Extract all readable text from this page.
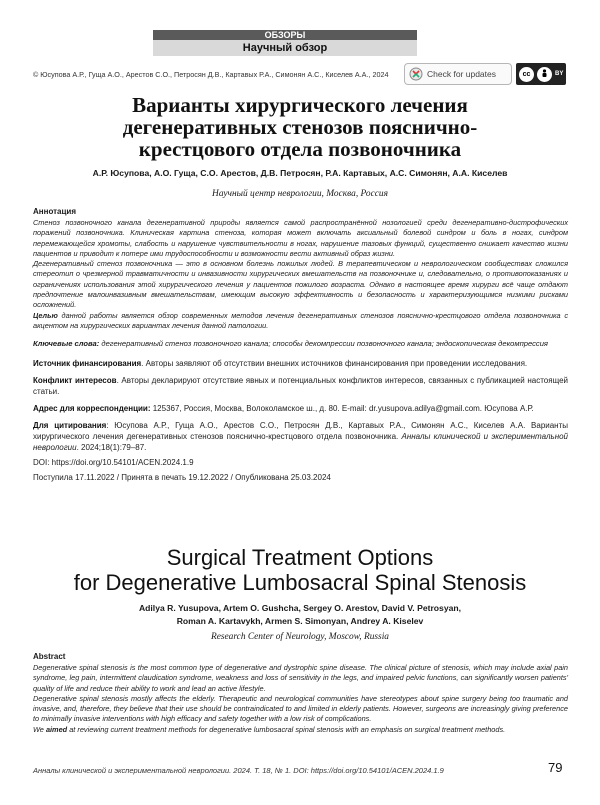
ОБЗОРЫ
Научный обзор
© Юсупова А.Р., Гуща А.О., Арестов С.О., Петросян Д.В., Картавых Р.А., Симонян А.С., Киселев А.А., 2024	Check for updates	cc	BY
Варианты хирургического лечения
дегенеративных стенозов пояснично-
крестцового отдела позвоночника
А.Р. Юсупова, А.О. Гуща, С.О. Арестов, Д.В. Петросян, Р.А. Картавых, А.С. Симонян, А.А. Киселев
Научный центр неврологии, Москва, Россия
Аннотация
Стеноз позвоночного канала дегенеративной природы является самой распространённой нозологией среди дегенеративно-дистрофических поражений позвоночника. Клиническая картина стеноза, которая может включать аксиальный болевой синдром и боль в ногах, синдром перемежающейся хромоты, слабость и нарушение чувствительности в ногах, нарушение тазовых функций, существенно снижает качество жизни пациентов и приводит к потере ими трудоспособности и возможности вести активный образ жизни.
Дегенеративный стеноз позвоночника — это в основном болезнь пожилых людей. В терапевтическом и неврологическом сообществах сложился стереотип о чрезмерной травматичности и инвазивности хирургических вмешательств на позвоночнике и, следовательно, о противопоказаниях и ограничениях использования этой хирургического лечения у пациентов пожилого возраста. Однако в настоящее время хирурги всё чаще отдают предпочтение малоинвазивным вмешательствам, имеющим высокую эффективность и безопасность и характеризующимся низкими рисками осложнений.
Целью данной работы является обзор современных методов лечения дегенеративных стенозов пояснично-крестцового отдела позвоночника с акцентом на хирургических вариантах лечения данной патологии.
Ключевые слова: дегенеративный стеноз позвоночного канала; способы декомпрессии позвоночного канала; эндоскопическая декомпрессия
Источник финансирования. Авторы заявляют об отсутствии внешних источников финансирования при проведении исследования.
Конфликт интересов. Авторы декларируют отсутствие явных и потенциальных конфликтов интересов, связанных с публикацией настоящей статьи.
Адрес для корреспонденции: 125367, Россия, Москва, Волоколамское ш., д. 80. E-mail: dr.yusupova.adilya@gmail.com. Юсупова А.Р.
Для цитирования: Юсупова А.Р., Гуща А.О., Арестов С.О., Петросян Д.В., Картавых Р.А., Симонян А.С., Киселев А.А. Варианты хирургического лечения дегенеративных стенозов пояснично-крестцового отдела позвоночника. Анналы клинической и экспериментальной неврологии. 2024;18(1):79–87.
DOI: https://doi.org/10.54101/ACEN.2024.1.9
Поступила 17.11.2022 / Принята в печать 19.12.2022 / Опубликована 25.03.2024
Surgical Treatment Options
for Degenerative Lumbosacral Spinal Stenosis
Adilya R. Yusupova, Artem O. Gushcha, Sergey O. Arestov, David V. Petrosyan,
Roman A. Kartavykh, Armen S. Simonyan, Andrey A. Kiselev
Research Center of Neurology, Moscow, Russia
Abstract
Degenerative spinal stenosis is the most common type of degenerative and dystrophic spine disease. The clinical picture of stenosis, which may include axial pain syndrome, leg pain, intermittent claudication syndrome, weakness and loss of sensitivity in the legs, and impaired pelvic functions, can significantly worsen patients' quality of life and reduce their ability to work and lead an active lifestyle.
Degenerative spinal stenosis mostly affects the elderly. Therapeutic and neurological communities have stereotypes about spine surgery being too traumatic and invasive, and, therefore, they believe that their use should be contraindicated to and limited in elderly patients. However, surgeons are increasingly giving preference to minimally invasive interventions with high efficacy and safety together with a low risk of complications.
We aimed at reviewing current treatment methods for degenerative lumbosacral spinal stenosis with an emphasis on surgical treatment methods.
Анналы клинической и экспериментальной неврологии. 2024. Т. 18, № 1. DOI: https://doi.org/10.54101/ACEN.2024.1.9	79
